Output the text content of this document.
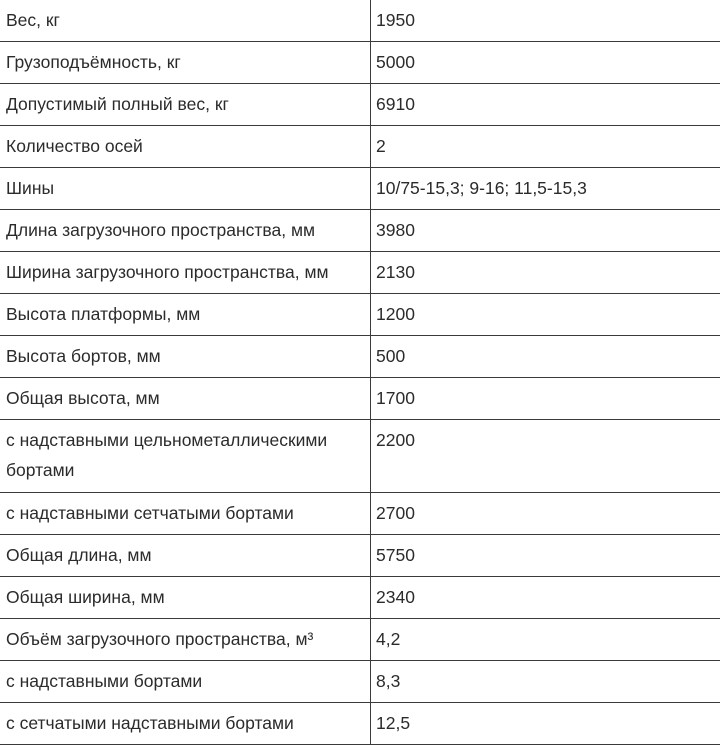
Вес, кг	1950
Грузоподъёмность, кг	5000
Допустимый полный вес, кг	6910
Количество осей	2
Шины	10/75-15,3; 9-16; 11,5-15,3
Длина загрузочного пространства, мм	3980
Ширина загрузочного пространства, мм	2130
Высота платформы, мм	1200
Высота бортов, мм	500
Общая высота, мм	1700
с надставными цельнометаллическими бортами	2200
с надставными сетчатыми бортами	2700
Общая длина, мм	5750
Общая ширина, мм	2340
Объём загрузочного пространства, м³	4,2
с надставными бортами	8,3
с сетчатыми надставными бортами	12,5
